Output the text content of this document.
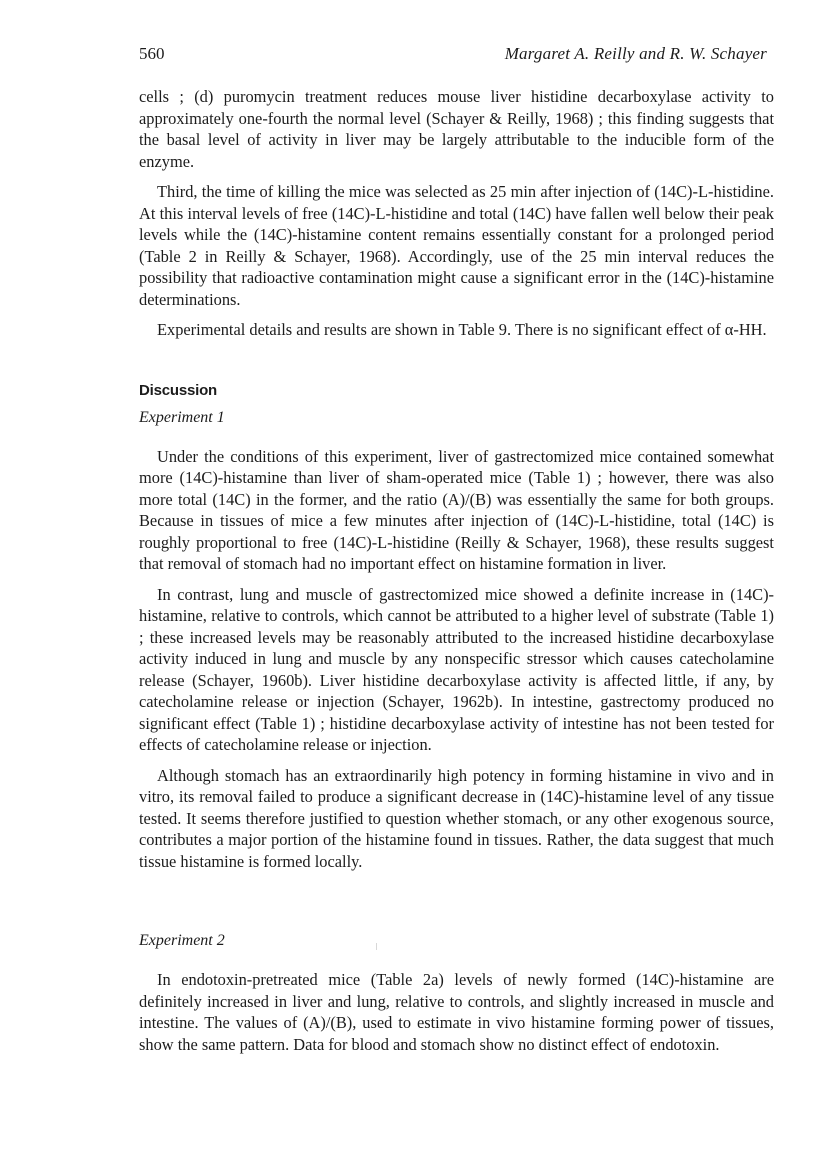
560	Margaret A. Reilly and R. W. Schayer

cells ; (d) puromycin treatment reduces mouse liver histidine decarboxylase activity to approximately one-fourth the normal level (Schayer & Reilly, 1968) ; this finding suggests that the basal level of activity in liver may be largely attributable to the inducible form of the enzyme.

Third, the time of killing the mice was selected as 25 min after injection of (14C)-L-histidine. At this interval levels of free (14C)-L-histidine and total (14C) have fallen well below their peak levels while the (14C)-histamine content remains essentially constant for a prolonged period (Table 2 in Reilly & Schayer, 1968). Accordingly, use of the 25 min interval reduces the possibility that radioactive contamination might cause a significant error in the (14C)-histamine determinations.

Experimental details and results are shown in Table 9. There is no significant effect of α-HH.

Discussion
Experiment 1

Under the conditions of this experiment, liver of gastrectomized mice contained somewhat more (14C)-histamine than liver of sham-operated mice (Table 1) ; however, there was also more total (14C) in the former, and the ratio (A)/(B) was essentially the same for both groups. Because in tissues of mice a few minutes after injection of (14C)-L-histidine, total (14C) is roughly proportional to free (14C)-L-histidine (Reilly & Schayer, 1968), these results suggest that removal of stomach had no important effect on histamine formation in liver.

In contrast, lung and muscle of gastrectomized mice showed a definite increase in (14C)-histamine, relative to controls, which cannot be attributed to a higher level of substrate (Table 1) ; these increased levels may be reasonably attributed to the increased histidine decarboxylase activity induced in lung and muscle by any nonspecific stressor which causes catecholamine release (Schayer, 1960b). Liver histidine decarboxylase activity is affected little, if any, by catecholamine release or injection (Schayer, 1962b). In intestine, gastrectomy produced no significant effect (Table 1) ; histidine decarboxylase activity of intestine has not been tested for effects of catecholamine release or injection.

Although stomach has an extraordinarily high potency in forming histamine in vivo and in vitro, its removal failed to produce a significant decrease in (14C)-histamine level of any tissue tested. It seems therefore justified to question whether stomach, or any other exogenous source, contributes a major portion of the histamine found in tissues. Rather, the data suggest that much tissue histamine is formed locally.

Experiment 2

In endotoxin-pretreated mice (Table 2a) levels of newly formed (14C)-histamine are definitely increased in liver and lung, relative to controls, and slightly increased in muscle and intestine. The values of (A)/(B), used to estimate in vivo histamine forming power of tissues, show the same pattern. Data for blood and stomach show no distinct effect of endotoxin.
